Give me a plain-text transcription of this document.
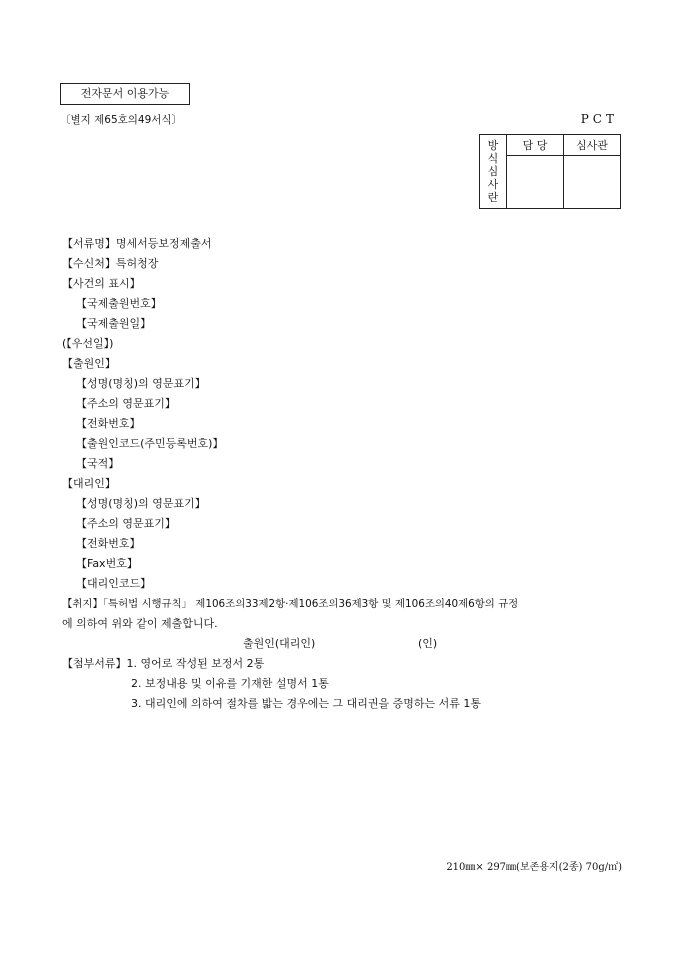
전자문서 이용가능
〔별지 제65호의49서식〕	PCT
방
식
심
사
란	담 당	심사관

【서류명】명세서등보정제출서
【수신처】특허청장
【사건의 표시】
【국제출원번호】
【국제출원일】
(【우선일】)
【출원인】
【성명(명칭)의 영문표기】
【주소의 영문표기】
【전화번호】
【출원인코드(주민등록번호)】
【국적】
【대리인】
【성명(명칭)의 영문표기】
【주소의 영문표기】
【전화번호】
【Fax번호】
【대리인코드】
【취지】「특허법 시행규칙」 제106조의33제2항·제106조의36제3항 및 제106조의40제6항의 규정
에 의하여 위와 같이 제출합니다.
출원인(대리인)	(인)
【첨부서류】1. 영어로 작성된 보정서 2통
2. 보정내용 및 이유를 기재한 설명서 1통
3. 대리인에 의하여 절차를 밟는 경우에는 그 대리권을 증명하는 서류 1통
210㎜× 297㎜(보존용지(2종) 70g/㎡)
